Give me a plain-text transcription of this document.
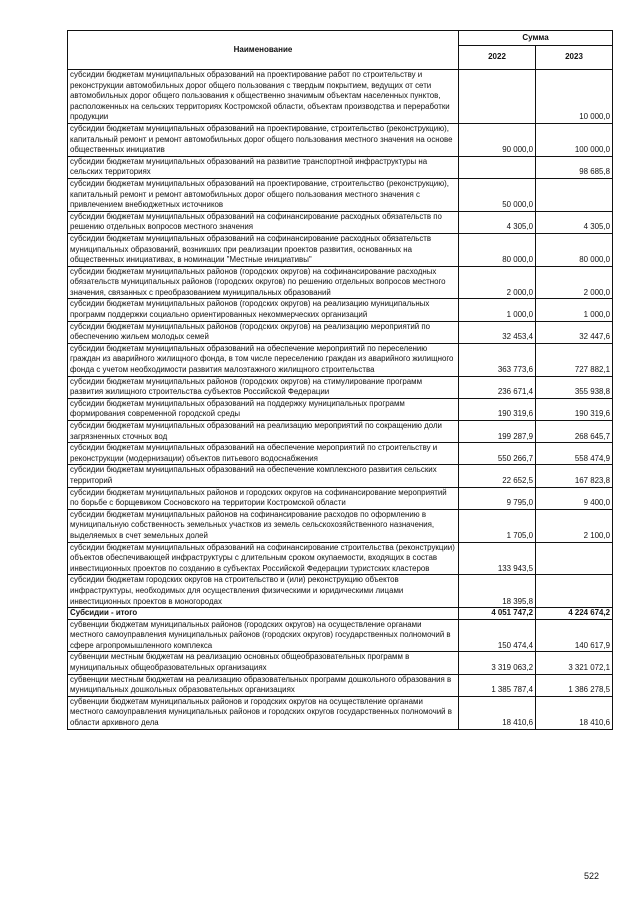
Наименование	Сумма	
	2022	2023
субсидии бюджетам муниципальных образований на проектирование работ по строительству и реконструкции автомобильных дорог общего пользования с твердым покрытием, ведущих от сети автомобильных дорог общего пользования к общественно значимым объектам населенных пунктов, расположенных на сельских территориях Костромской области, объектам производства и переработки продукции		10 000,0
субсидии бюджетам муниципальных образований на проектирование, строительство (реконструкцию), капитальный ремонт и ремонт автомобильных дорог общего пользования местного значения на основе общественных инициатив	90 000,0	100 000,0
субсидии бюджетам муниципальных образований на развитие транспортной инфраструктуры на сельских территориях		98 685,8
субсидии бюджетам муниципальных образований на проектирование, строительство (реконструкцию), капитальный ремонт и ремонт автомобильных дорог общего пользования местного значения с привлечением внебюджетных источников	50 000,0	
субсидии бюджетам муниципальных образований на софинансирование расходных обязательств по решению отдельных вопросов местного значения	4 305,0	4 305,0
субсидии бюджетам муниципальных образований на софинансирование расходных обязательств муниципальных образований, возникших при реализации проектов развития, основанных на общественных инициативах, в номинации "Местные инициативы"	80 000,0	80 000,0
субсидии бюджетам муниципальных районов (городских округов) на софинансирование расходных обязательств муниципальных районов (городских округов) по решению отдельных вопросов местного значения, связанных с преобразованием муниципальных образований	2 000,0	2 000,0
субсидии бюджетам муниципальных районов (городских округов) на реализацию муниципальных программ поддержки социально ориентированных некоммерческих организаций	1 000,0	1 000,0
субсидии бюджетам муниципальных районов (городских округов) на реализацию мероприятий по обеспечению жильем молодых семей	32 453,4	32 447,6
субсидии бюджетам муниципальных образований на обеспечение мероприятий по переселению граждан из аварийного жилищного фонда, в том числе переселению граждан из аварийного жилищного фонда с учетом необходимости развития малоэтажного жилищного строительства	363 773,6	727 882,1
субсидии бюджетам муниципальных районов (городских округов) на стимулирование программ развития жилищного строительства субъектов Российской Федерации	236 671,4	355 938,8
субсидии бюджетам муниципальных образований на поддержку муниципальных программ формирования современной городской среды	190 319,6	190 319,6
субсидии бюджетам муниципальных образований на реализацию мероприятий по сокращению доли загрязненных сточных вод	199 287,9	268 645,7
субсидии бюджетам муниципальных образований на обеспечение мероприятий по строительству и реконструкции (модернизации) объектов питьевого водоснабжения	550 266,7	558 474,9
субсидии бюджетам муниципальных образований на обеспечение комплексного развития сельских территорий	22 652,5	167 823,8
субсидии бюджетам муниципальных районов и городских округов на софинансирование мероприятий по борьбе с борщевиком Сосновского на территории Костромской области	9 795,0	9 400,0
субсидии бюджетам муниципальных районов на софинансирование расходов по оформлению в муниципальную собственность земельных участков из земель сельскохозяйственного назначения, выделяемых в счет земельных долей	1 705,0	2 100,0
субсидии бюджетам муниципальных образований на софинансирование строительства (реконструкции) объектов обеспечивающей инфраструктуры с длительным сроком окупаемости, входящих в состав инвестиционных проектов по созданию в субъектах Российской Федерации туристских кластеров	133 943,5	
субсидии бюджетам городских округов на строительство и (или) реконструкцию объектов инфраструктуры, необходимых для осуществления физическими и юридическими лицами инвестиционных проектов в моногородах	18 395,8	
Субсидии - итого	4 051 747,2	4 224 674,2
субвенции бюджетам муниципальных районов (городских округов) на осуществление органами местного самоуправления муниципальных районов (городских округов) государственных полномочий в сфере агропромышленного комплекса	150 474,4	140 617,9
субвенции местным бюджетам на реализацию основных общеобразовательных программ в муниципальных общеобразовательных организациях	3 319 063,2	3 321 072,1
субвенции местным бюджетам на реализацию образовательных программ дошкольного образования в муниципальных дошкольных образовательных организациях	1 385 787,4	1 386 278,5
субвенции бюджетам муниципальных районов и городских округов на осуществление органами местного самоуправления муниципальных районов и городских округов государственных полномочий в области архивного дела	18 410,6	18 410,6
522
